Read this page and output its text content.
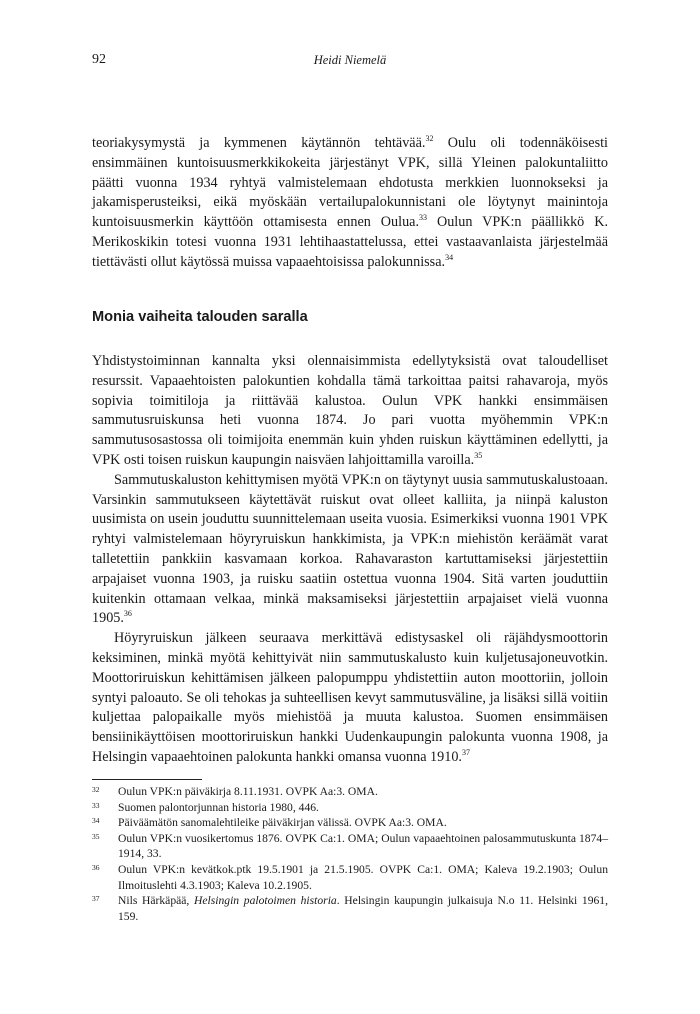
92	Heidi Niemelä

teoriakysymystä ja kymmenen käytännön tehtävää.$^{32}$ Oulu oli todennäköisesti ensimmäinen kuntoisuusmerkkikokeita järjestänyt VPK, sillä Yleinen palokuntaliitto päätti vuonna 1934 ryhtyä valmistelemaan ehdotusta merkkien luonnokseksi ja jakamisperusteiksi, eikä myöskään vertailupalokunnistani ole löytynyt mainintoja kuntoisuusmerkin käyttöön ottamisesta ennen Oulua.$^{33}$ Oulun VPK:n päällikkö K. Merikoskikin totesi vuonna 1931 lehtihaastattelussa, ettei vastaavanlaista järjestelmää tiettävästi ollut käytössä muissa vapaaehtoisissa palokunnissa.$^{34}$

Monia vaiheita talouden saralla

Yhdistystoiminnan kannalta yksi olennaisimmista edellytyksistä ovat taloudelliset resurssit. Vapaaehtoisten palokuntien kohdalla tämä tarkoittaa paitsi rahavaroja, myös sopivia toimitiloja ja riittävää kalustoa. Oulun VPK hankki ensimmäisen sammutusruiskunsa heti vuonna 1874. Jo pari vuotta myöhemmin VPK:n sammutusosastossa oli toimijoita enemmän kuin yhden ruiskun käyttäminen edellytti, ja VPK osti toisen ruiskun kaupungin naisväen lahjoittamilla varoilla.$^{35}$

Sammutuskaluston kehittymisen myötä VPK:n on täytynyt uusia sammutuskalustoaan. Varsinkin sammutukseen käytettävät ruiskut ovat olleet kalliita, ja niinpä kaluston uusimista on usein jouduttu suunnittelemaan useita vuosia. Esimerkiksi vuonna 1901 VPK ryhtyi valmistelemaan höyryruiskun hankkimista, ja VPK:n miehistön keräämät varat talletettiin pankkiin kasvamaan korkoa. Rahavaraston kartuttamiseksi järjestettiin arpajaiset vuonna 1903, ja ruisku saatiin ostettua vuonna 1904. Sitä varten jouduttiin kuitenkin ottamaan velkaa, minkä maksamiseksi järjestettiin arpajaiset vielä vuonna 1905.36

Höyryruiskun jälkeen seuraava merkittävä edistysaskel oli räjähdysmoottorin keksiminen, minkä myötä kehittyivät niin sammutuskalusto kuin kuljetusajoneuvotkin. Moottoriruiskun kehittämisen jälkeen palopumppu yhdistettiin auton moottoriin, jolloin syntyi paloauto. Se oli tehokas ja suhteellisen kevyt sammutusväline, ja lisäksi sillä voitiin kuljettaa palopaikalle myös miehistöä ja muuta kalustoa. Suomen ensimmäisen bensiinikäyttöisen moottoriruiskun hankki Uudenkaupungin palokunta vuonna 1908, ja Helsingin vapaaehtoinen palokunta hankki omansa vuonna 1910.37

32	Oulun VPK:n päiväkirja 8.11.1931. OVPK Aa:3. OMA.
33	Suomen palontorjunnan historia 1980, 446.
34	Päiväämätön sanomalehtileike päiväkirjan välissä. OVPK Aa:3. OMA.
35	Oulun VPK:n vuosikertomus 1876. OVPK Ca:1. OMA; Oulun vapaaehtoinen palosammutuskunta 1874–1914, 33.
36	Oulun VPK:n kevätkok.ptk 19.5.1901 ja 21.5.1905. OVPK Ca:1. OMA; Kaleva 19.2.1903; Oulun Ilmoituslehti 4.3.1903; Kaleva 10.2.1905.
37	Nils Härkäpää, Helsingin palotoimen historia. Helsingin kaupungin julkaisuja N.o 11. Helsinki 1961, 159.
